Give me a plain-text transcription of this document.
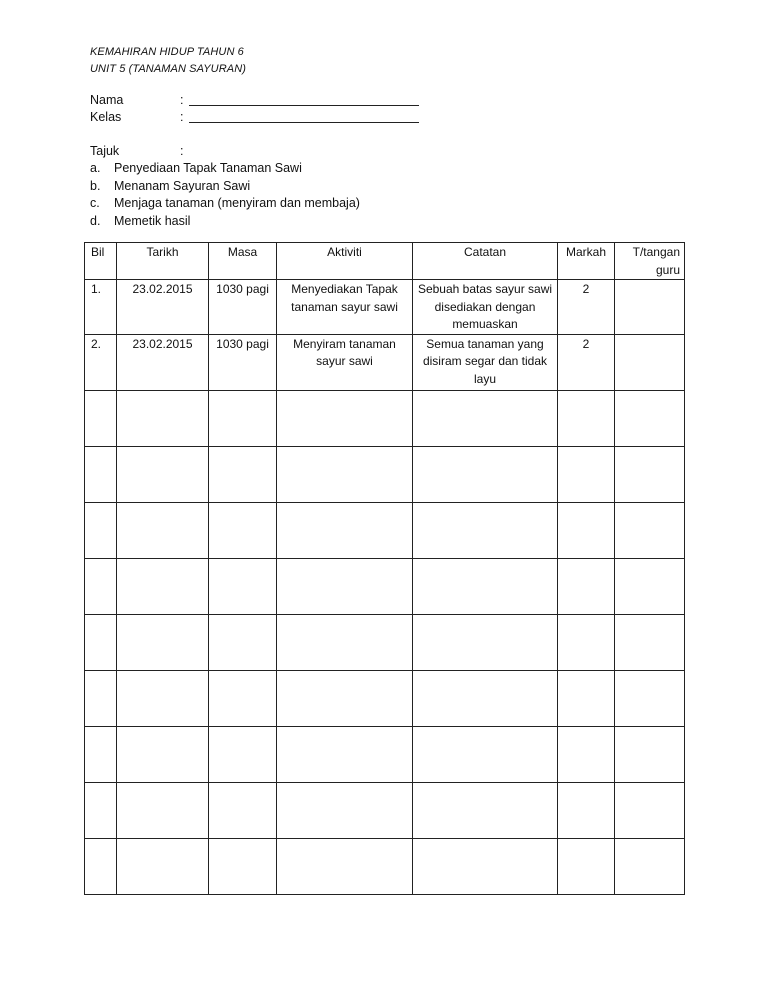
KEMAHIRAN HIDUP TAHUN 6
UNIT 5 (TANAMAN SAYURAN)
Nama	:
Kelas	:
Tajuk	:
a. Penyediaan Tapak Tanaman Sawi
b. Menanam Sayuran Sawi
c. Menjaga tanaman (menyiram dan membaja)
d. Memetik hasil
Bil	Tarikh	Masa	Aktiviti	Catatan	Markah	T/tangan guru
1.	23.02.2015	1030 pagi	Menyediakan Tapak tanaman sayur sawi	Sebuah batas sayur sawi disediakan dengan memuaskan	2	
2.	23.02.2015	1030 pagi	Menyiram tanaman sayur sawi	Semua tanaman yang disiram segar dan tidak layu	2	
